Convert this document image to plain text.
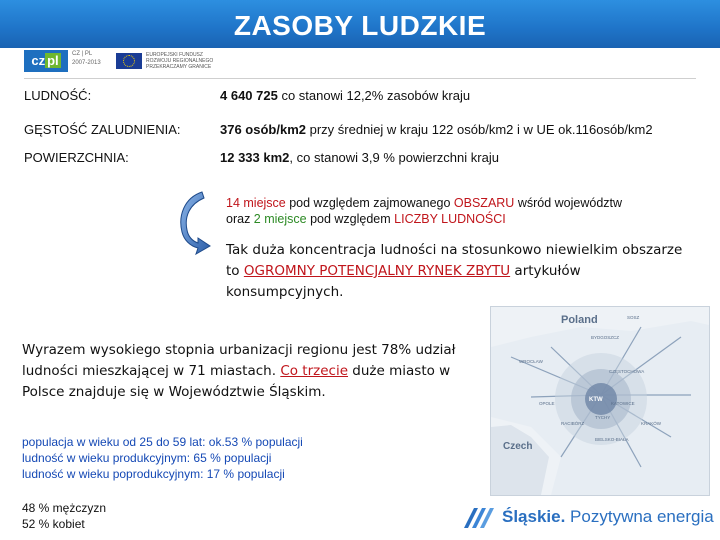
ZASOBY LUDZKIE
cz pl	CZ | PL
2007-2013
EUROPEJSKI FUNDUSZ
ROZWOJU REGIONALNEGO
PRZEKRACZAMY GRANICE
LUDNOŚĆ:	4 640 725 co stanowi 12,2% zasobów kraju
GĘSTOŚĆ ZALUDNIENIA:	376 osób/km2 przy średniej w kraju 122 osób/km2 i w UE ok.116osób/km2
POWIERZCHNIA:	12 333 km2, co stanowi 3,9 % powierzchni kraju
14 miejsce pod względem zajmowanego OBSZARU wśród województw
oraz 2 miejsce pod względem LICZBY LUDNOŚCI
Tak duża koncentracja ludności na stosunkowo niewielkim obszarze to OGROMNY POTENCJALNY RYNEK ZBYTU artykułów konsumpcyjnych.
Poland
Czech
SOSZ
BYDGOSZCZ
WROCŁAW
OPOLE
CZĘSTOCHOWA
KATOWICE
KRAKÓW
RACIBÓRZ
BIELSKO-BIAŁA
TYCHY
KTW
Wyrazem wysokiego stopnia urbanizacji regionu jest 78% udział ludności mieszkającej w 71 miastach. Co trzecie duże miasto w Polsce znajduje się w Województwie Śląskim.
populacja w wieku od 25 do 59 lat: ok.53 % populacji
ludność w wieku produkcyjnym: 65 % populacji
ludność w wieku poprodukcyjnym: 17 % populacji
48 % mężczyzn
52 % kobiet	Śląskie. Pozytywna energia
